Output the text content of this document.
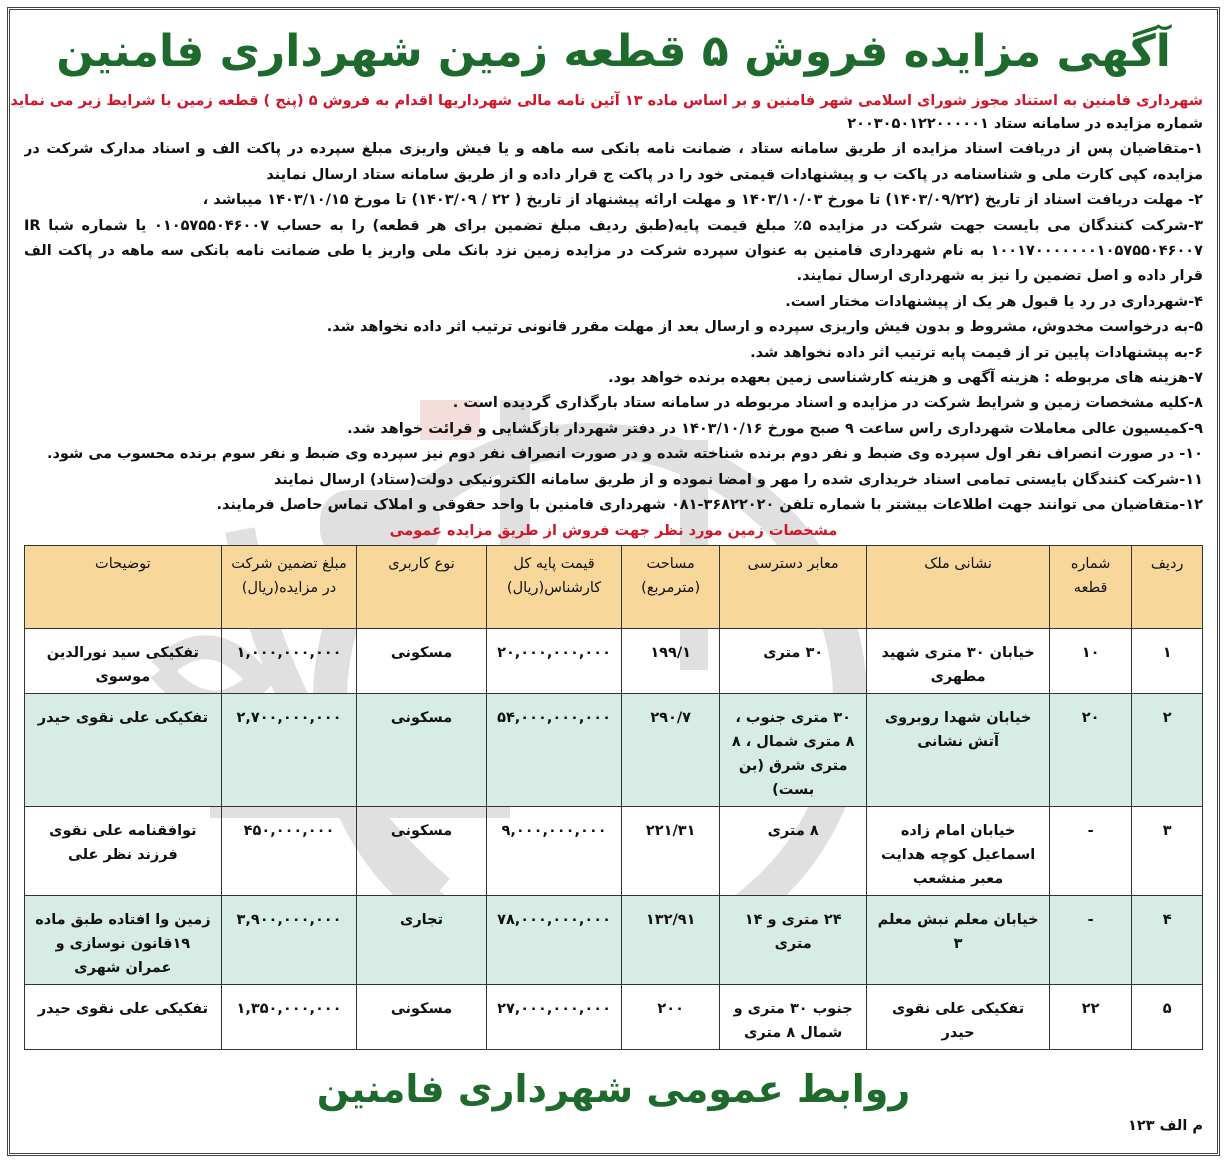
آگهی مزایده فروش ۵ قطعه زمین شهرداری فامنین
شهرداری فامنین به استناد مجوز شورای اسلامی شهر فامنین و بر اساس ماده ۱۳ آئین نامه مالی شهرداریها اقدام به فروش ۵ (پنج ) قطعه زمین با شرایط زیر می نماید
شماره مزایده در سامانه ستاد ۲۰۰۳۰۵۰۱۲۲۰۰۰۰۰۱
۱-متقاضیان پس از دریافت اسناد مزایده از طریق سامانه ستاد ، ضمانت نامه بانکی سه ماهه و یا فیش واریزی مبلغ سپرده در پاکت الف و اسناد مدارک شرکت در مزایده، کپی کارت ملی و شناسنامه در پاکت ب و پیشنهادات قیمتی خود را در پاکت ج قرار داده و از طریق سامانه ستاد ارسال نمایند
۲- مهلت دریافت اسناد از تاریخ (۱۴۰۳/۰۹/۲۲) تا مورخ ۱۴۰۳/۱۰/۰۳ و مهلت ارائه پیشنهاد از تاریخ ( ۲۲ / ۱۴۰۳/۰۹) تا مورخ ۱۴۰۳/۱۰/۱۵ میباشد ،
۳-شرکت کنندگان می بایست جهت شرکت در مزایده ۵٪ مبلغ قیمت پایه(طبق ردیف مبلغ تضمین برای هر قطعه) را به حساب ۰۱۰۵۷۵۵۰۴۶۰۰۷ یا شماره شبا IR ۱۰۰۱۷۰۰۰۰۰۰۰۱۰۵۷۵۵۰۴۶۰۰۷ به نام شهرداری فامنین به عنوان سپرده شرکت در مزایده زمین نزد بانک ملی واریز یا طی ضمانت نامه بانکی سه ماهه در پاکت الف قرار داده و اصل تضمین را نیز به شهرداری ارسال نمایند.
۴-شهرداری در رد یا قبول هر یک از پیشنهادات مختار است.
۵-به درخواست مخدوش، مشروط و بدون فیش واریزی سپرده و ارسال بعد از مهلت مقرر قانونی ترتیب اثر داده نخواهد شد.
۶-به پیشنهادات پایین تر از قیمت پایه ترتیب اثر داده نخواهد شد.
۷-هزینه های مربوطه : هزینه آگهی و هزینه کارشناسی زمین بعهده برنده خواهد بود.
۸-کلیه مشخصات زمین و شرایط شرکت در مزایده و اسناد مربوطه در سامانه ستاد بارگذاری گردیده است .
۹-کمیسیون عالی معاملات شهرداری راس ساعت ۹ صبح مورخ ۱۴۰۳/۱۰/۱۶ در دفتر شهردار بازگشایی و قرائت خواهد شد.
۱۰- در صورت انصراف نفر اول سپرده وی ضبط و نفر دوم برنده شناخته شده و در صورت انصراف نفر دوم نیز سپرده وی ضبط و نفر سوم برنده محسوب می شود.
۱۱-شرکت کنندگان بایستی تمامی اسناد خریداری شده را مهر و امضا نموده و از طریق سامانه الکترونیکی دولت(ستاد) ارسال نمایند
۱۲-متقاضیان می توانند جهت اطلاعات بیشتر با شماره تلفن ۳۶۸۲۲۰۲۰-۰۸۱ شهرداری فامنین با واحد حقوقی و املاک تماس حاصل فرمایند.
مشخصات زمین مورد نظر جهت فروش از طریق مزایده عمومی
ردیف	شماره قطعه	نشانی ملک	معابر دسترسی	مساحت (مترمربع)	قیمت پایه کل کارشناس(ریال)	نوع کاربری	مبلغ تضمین شرکت در مزایده(ریال)	توضیحات
۱	۱۰	خیابان ۳۰ متری شهید مطهری	۳۰ متری	۱۹۹/۱	۲۰,۰۰۰,۰۰۰,۰۰۰	مسکونی	۱,۰۰۰,۰۰۰,۰۰۰	تفکیکی سید نورالدین موسوی
۲	۲۰	خیابان شهدا روبروی آتش نشانی	۳۰ متری جنوب ، ۸ متری شمال ، ۸ متری شرق (بن بست)	۲۹۰/۷	۵۴,۰۰۰,۰۰۰,۰۰۰	مسکونی	۲,۷۰۰,۰۰۰,۰۰۰	تفکیکی علی نقوی حیدر
۳	-	خیابان امام زاده اسماعیل کوچه هدایت معبر منشعب	۸ متری	۲۲۱/۳۱	۹,۰۰۰,۰۰۰,۰۰۰	مسکونی	۴۵۰,۰۰۰,۰۰۰	توافقنامه علی نقوی فرزند نظر علی
۴	-	خیابان معلم نبش معلم ۳	۲۴ متری و ۱۴ متری	۱۳۲/۹۱	۷۸,۰۰۰,۰۰۰,۰۰۰	تجاری	۳,۹۰۰,۰۰۰,۰۰۰	زمین وا افتاده طبق ماده ۱۹قانون نوسازی و عمران شهری
۵	۲۲	تفکیکی علی نقوی حیدر	جنوب ۳۰ متری و شمال ۸ متری	۲۰۰	۲۷,۰۰۰,۰۰۰,۰۰۰	مسکونی	۱,۳۵۰,۰۰۰,۰۰۰	تفکیکی علی نقوی حیدر
روابط عمومی شهرداری فامنین
م الف ۱۲۳
